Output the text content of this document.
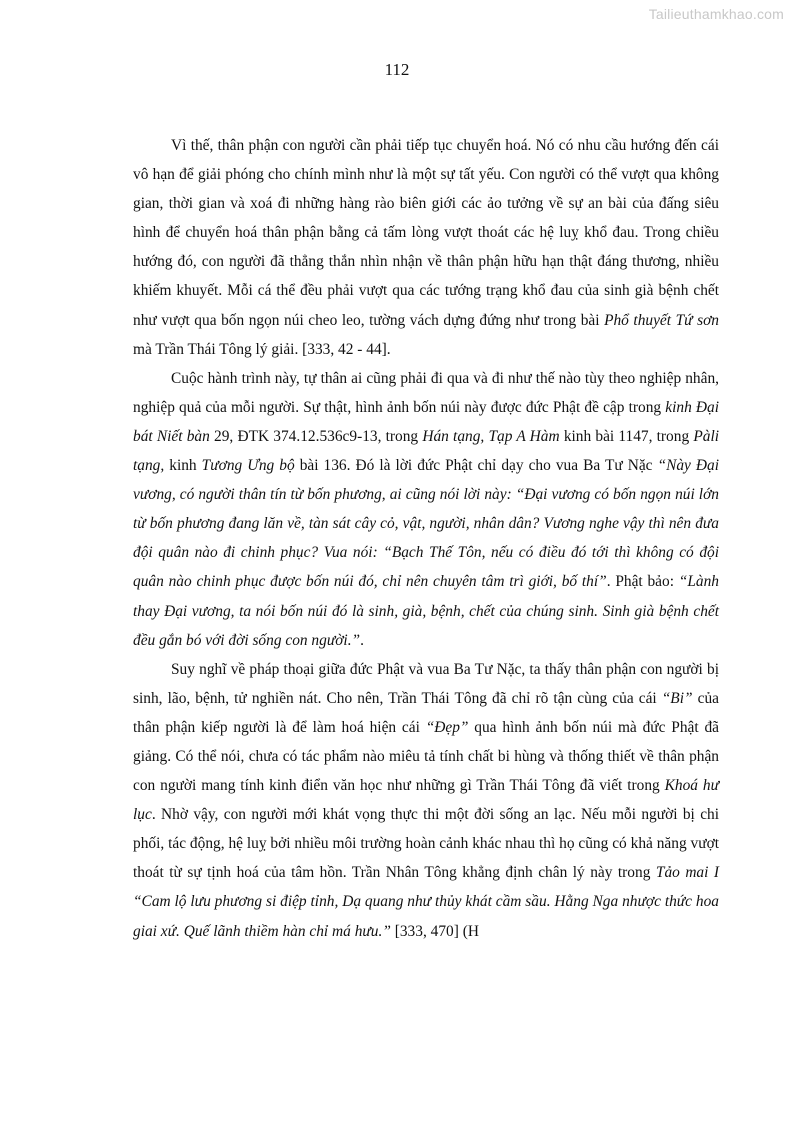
Tailieuthamkhao.com
112

Vì thế, thân phận con người cần phải tiếp tục chuyển hoá. Nó có nhu cầu hướng đến cái vô hạn để giải phóng cho chính mình như là một sự tất yếu. Con người có thể vượt qua không gian, thời gian và xoá đi những hàng rào biên giới các ảo tưởng về sự an bài của đấng siêu hình để chuyển hoá thân phận bằng cả tấm lòng vượt thoát các hệ luỵ khổ đau. Trong chiều hướng đó, con người đã thẳng thắn nhìn nhận về thân phận hữu hạn thật đáng thương, nhiều khiếm khuyết. Mỗi cá thể đều phải vượt qua các tướng trạng khổ đau của sinh già bệnh chết như vượt qua bốn ngọn núi cheo leo, tường vách dựng đứng như trong bài Phổ thuyết Tứ sơn mà Trần Thái Tông lý giải. [333, 42 - 44].

Cuộc hành trình này, tự thân ai cũng phải đi qua và đi như thế nào tùy theo nghiệp nhân, nghiệp quả của mỗi người. Sự thật, hình ảnh bốn núi này được đức Phật đề cập trong kinh Đại bát Niết bàn 29, ĐTK 374.12.536c9-13, trong Hán tạng, Tạp A Hàm kinh bài 1147, trong Pàli tạng, kinh Tương Ưng bộ bài 136. Đó là lời đức Phật chỉ dạy cho vua Ba Tư Nặc “Này Đại vương, có người thân tín từ bốn phương, ai cũng nói lời này: “Đại vương có bốn ngọn núi lớn từ bốn phương đang lăn về, tàn sát cây cỏ, vật, người, nhân dân? Vương nghe vậy thì nên đưa đội quân nào đi chinh phục? Vua nói: “Bạch Thế Tôn, nếu có điều đó tới thì không có đội quân nào chinh phục được bốn núi đó, chỉ nên chuyên tâm trì giới, bố thí”. Phật bảo: “Lành thay Đại vương, ta nói bốn núi đó là sinh, già, bệnh, chết của chúng sinh. Sinh già bệnh chết đều gắn bó với đời sống con người.”.

Suy nghĩ về pháp thoại giữa đức Phật và vua Ba Tư Nặc, ta thấy thân phận con người bị sinh, lão, bệnh, tử nghiền nát. Cho nên, Trần Thái Tông đã chỉ rõ tận cùng của cái “Bi” của thân phận kiếp người là để làm hoá hiện cái “Đẹp” qua hình ảnh bốn núi mà đức Phật đã giảng. Có thể nói, chưa có tác phẩm nào miêu tả tính chất bi hùng và thống thiết về thân phận con người mang tính kinh điển văn học như những gì Trần Thái Tông đã viết trong Khoá hư lục. Nhờ vậy, con người mới khát vọng thực thi một đời sống an lạc. Nếu mỗi người bị chi phối, tác động, hệ luỵ bởi nhiều môi trường hoàn cảnh khác nhau thì họ cũng có khả năng vượt thoát từ sự tịnh hoá của tâm hồn. Trần Nhân Tông khẳng định chân lý này trong Tảo mai I “Cam lộ lưu phương si điệp tỉnh, Dạ quang như thủy khát cầm sầu. Hằng Nga nhược thức hoa giai xứ. Quế lãnh thiềm hàn chỉ má hưu.” [333, 470] (H
